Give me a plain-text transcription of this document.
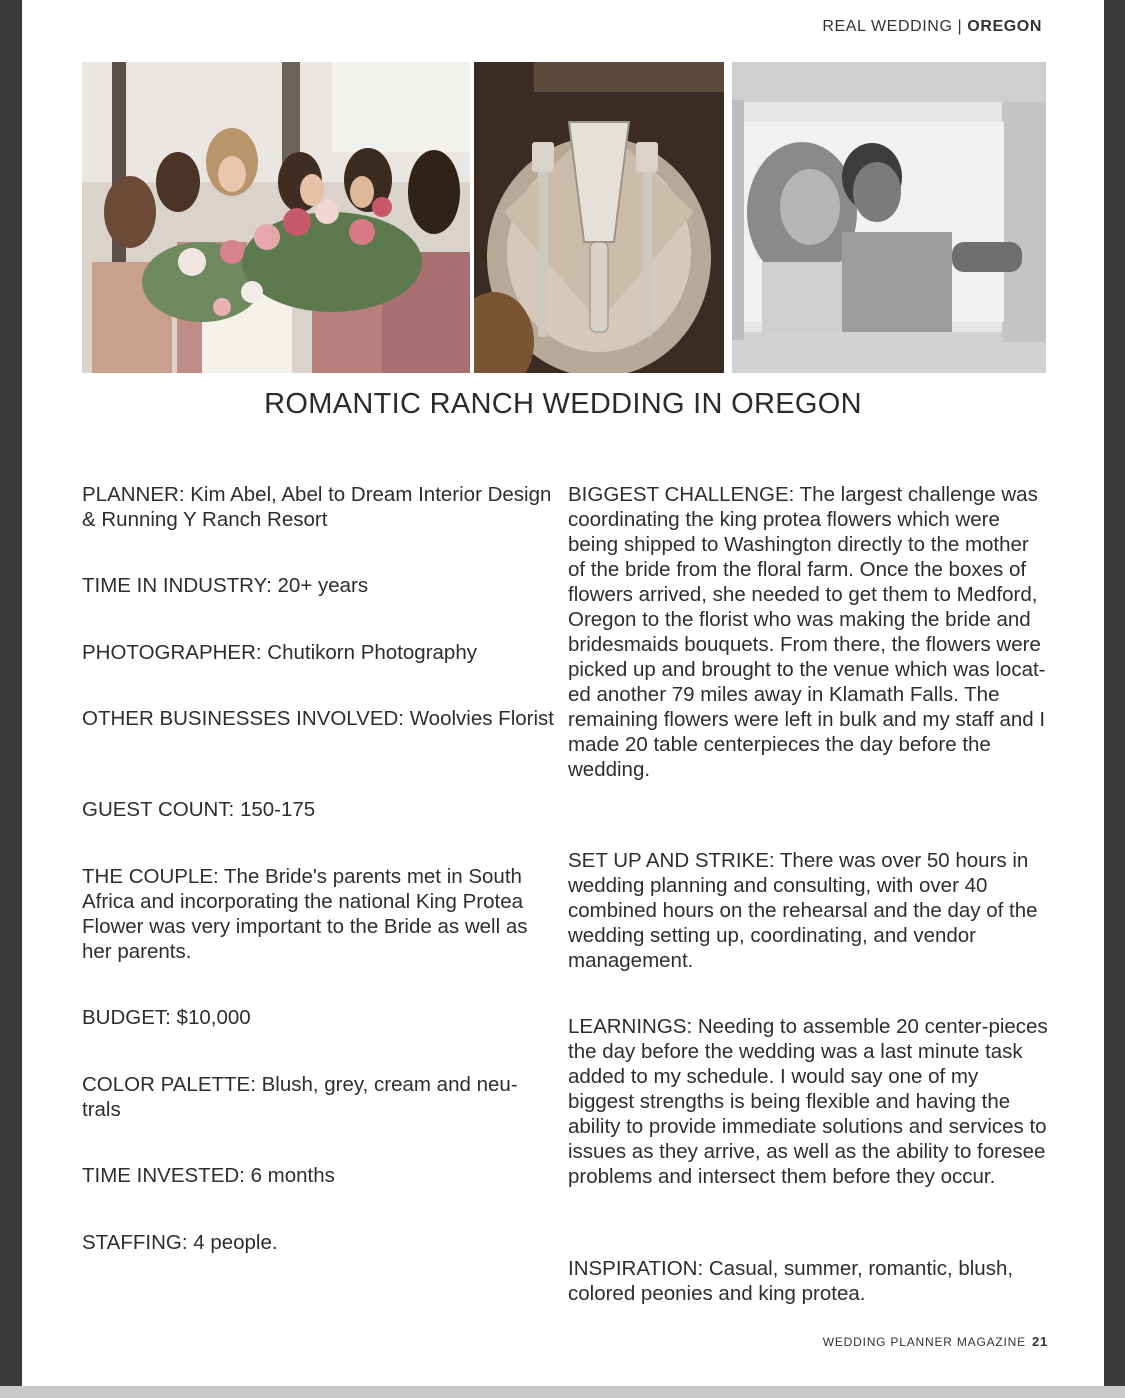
REAL WEDDING | OREGON
ROMANTIC RANCH WEDDING IN OREGON

PLANNER: Kim Abel, Abel to Dream Interior Design & Running Y Ranch Resort

TIME IN INDUSTRY: 20+ years

PHOTOGRAPHER: Chutikorn Photography

OTHER BUSINESSES INVOLVED: Woolvies Florist

GUEST COUNT: 150-175

THE COUPLE: The Bride's parents met in South Africa and incorporating the national King Protea Flower was very important to the Bride as well as her parents.

BUDGET: $10,000

COLOR PALETTE: Blush, grey, cream and neu-trals

TIME INVESTED: 6 months

STAFFING: 4 people.

BIGGEST CHALLENGE: The largest challenge was coordinating the king protea flowers which were being shipped to Washington directly to the mother of the bride from the floral farm. Once the boxes of flowers arrived, she needed to get them to Medford, Oregon to the florist who was making the bride and bridesmaids bouquets. From there, the flowers were picked up and brought to the venue which was locat-ed another 79 miles away in Klamath Falls. The remaining flowers were left in bulk and my staff and I made 20 table centerpieces the day before the wedding.

SET UP AND STRIKE: There was over 50 hours in wedding planning and consulting, with over 40 combined hours on the rehearsal and the day of the wedding setting up, coordinating, and vendor management.

LEARNINGS: Needing to assemble 20 center-pieces the day before the wedding was a last minute task added to my schedule. I would say one of my biggest strengths is being flexible and having the ability to provide immediate solutions and services to issues as they arrive, as well as the ability to foresee problems and intersect them before they occur.

INSPIRATION: Casual, summer, romantic, blush, colored peonies and king protea.

WEDDING PLANNER MAGAZINE 21
